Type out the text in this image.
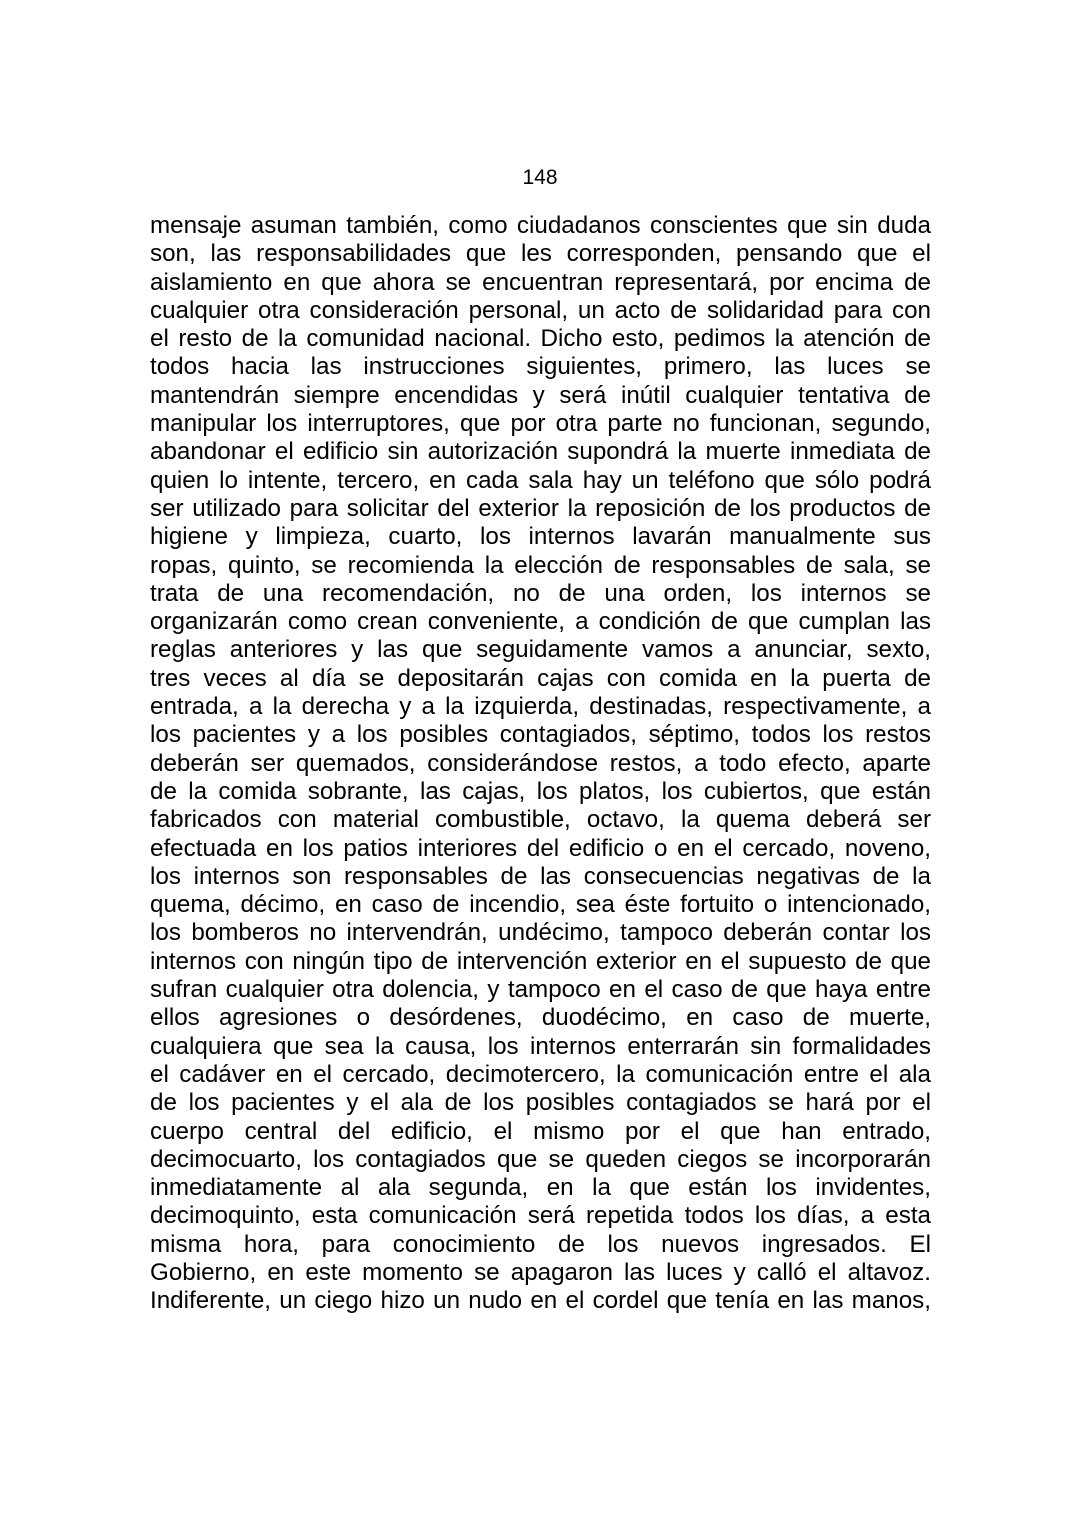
148
mensaje asuman también, como ciudadanos conscientes que sin duda
son, las responsabilidades que les corresponden, pensando que el
aislamiento en que ahora se encuentran representará, por encima de
cualquier otra consideración personal, un acto de solidaridad para con
el resto de la comunidad nacional. Dicho esto, pedimos la atención de
todos hacia las instrucciones siguientes, primero, las luces se
mantendrán siempre encendidas y será inútil cualquier tentativa de
manipular los interruptores, que por otra parte no funcionan, segundo,
abandonar el edificio sin autorización supondrá la muerte inmediata de
quien lo intente, tercero, en cada sala hay un teléfono que sólo podrá
ser utilizado para solicitar del exterior la reposición de los productos de
higiene y limpieza, cuarto, los internos lavarán manualmente sus
ropas, quinto, se recomienda la elección de responsables de sala, se
trata de una recomendación, no de una orden, los internos se
organizarán como crean conveniente, a condición de que cumplan las
reglas anteriores y las que seguidamente vamos a anunciar, sexto,
tres veces al día se depositarán cajas con comida en la puerta de
entrada, a la derecha y a la izquierda, destinadas, respectivamente, a
los pacientes y a los posibles contagiados, séptimo, todos los restos
deberán ser quemados, considerándose restos, a todo efecto, aparte
de la comida sobrante, las cajas, los platos, los cubiertos, que están
fabricados con material combustible, octavo, la quema deberá ser
efectuada en los patios interiores del edificio o en el cercado, noveno,
los internos son responsables de las consecuencias negativas de la
quema, décimo, en caso de incendio, sea éste fortuito o intencionado,
los bomberos no intervendrán, undécimo, tampoco deberán contar los
internos con ningún tipo de intervención exterior en el supuesto de que
sufran cualquier otra dolencia, y tampoco en el caso de que haya entre
ellos agresiones o desórdenes, duodécimo, en caso de muerte,
cualquiera que sea la causa, los internos enterrarán sin formalidades
el cadáver en el cercado, decimotercero, la comunicación entre el ala
de los pacientes y el ala de los posibles contagiados se hará por el
cuerpo central del edificio, el mismo por el que han entrado,
decimocuarto, los contagiados que se queden ciegos se incorporarán
inmediatamente al ala segunda, en la que están los invidentes,
decimoquinto, esta comunicación será repetida todos los días, a esta
misma hora, para conocimiento de los nuevos ingresados. El
Gobierno, en este momento se apagaron las luces y calló el altavoz.
Indiferente, un ciego hizo un nudo en el cordel que tenía en las manos,
